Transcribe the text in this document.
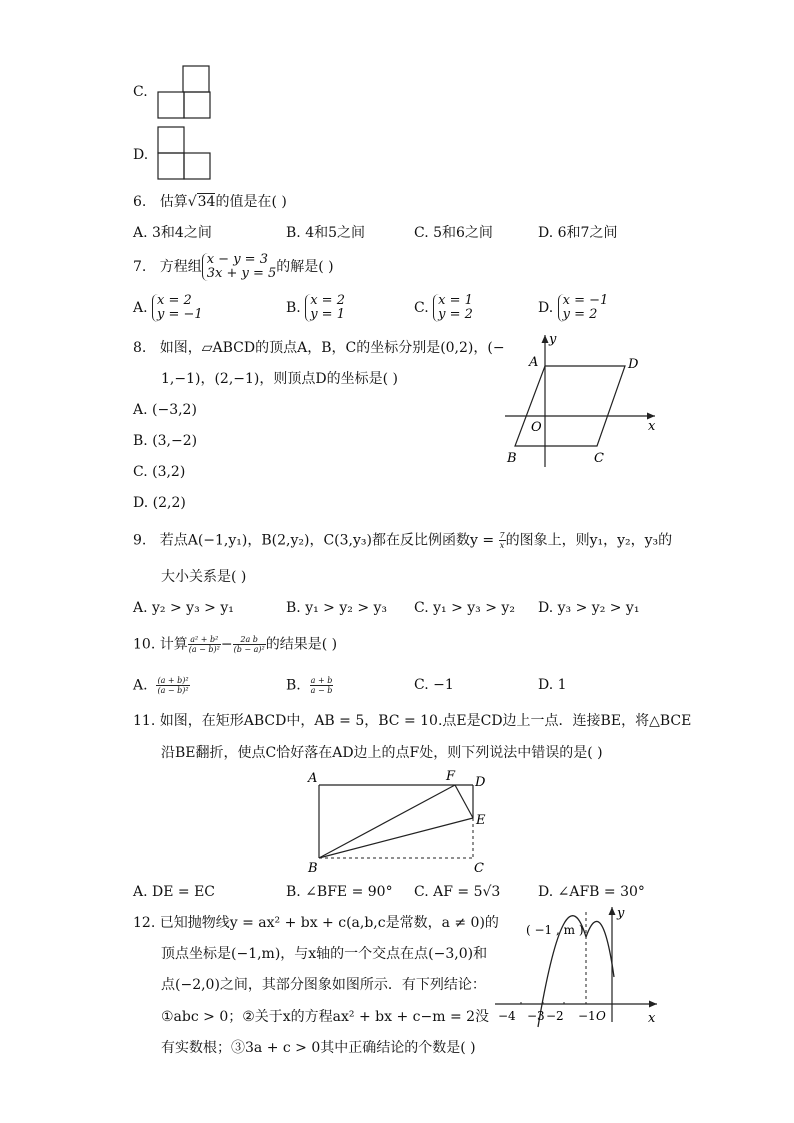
C.
D.
6. 估算√34的值是在( )
A. 3和4之间	B. 4和5之间	C. 5和6之间	D. 6和7之间
7. 方程组 x − y = 3
3x + y = 5 的解是( )
A. x = 2
y = −1	B. x = 2
y = 1	C. x = 1
y = 2	D. x = −1
y = 2
8. 如图，▱ABCD的顶点A，B，C的坐标分别是(0,2)，(−
1,−1)，(2,−1)，则顶点D的坐标是( )
A. (−3,2)
B. (3,−2)
C. (3,2)
D. (2,2)
A	D
B	C
O	x
y
9. 若点A(−1,y₁)，B(2,y₂)，C(3,y₃)都在反比例函数$y = \frac{7}{x}$ 的图象上，则y₁，y₂，y₃的
大小关系是( )
A. y₂ > y₃ > y₁	B. y₁ > y₂ > y₃ C. y₁ > y₃ > y₂ D. y₃ > y₂ > y₁
10. 计算 $\frac{\text{a² + b²}}{\text{(a − b)²}} - \frac{\text{2a b}}{\text{(b − a)²}}$ 的结果是( )
A. $\frac{\text{(a + b)²}}{\text{(a − b)²}}$	B. $\frac{a + b}{a - b}$	C. −1	D. 1
11. 如图，在矩形ABCD中，AB = 5，BC = 10.点E是CD边上一点．连接BE，将△BCE
沿BE翻折，使点C恰好落在AD边上的点F处，则下列说法中错误的是( )
A	F D
E
B	C
A. DE = EC	B. ∠BFE = 90° C. AF = 5√3	D. ∠AFB = 30°
12. 已知抛物线y = ax² + bx + c(a,b,c是常数，a ≠ 0)的
顶点坐标是(−1,m)，与x轴的一个交点在点(−3,0)和
点(−2,0)之间，其部分图象如图所示．有下列结论：
①abc > 0；②关于x的方程ax² + bx + c−m = 2没
有实数根；③3a + c > 0其中正确结论的个数是( )
( −1 , m )
y
x
−4 −3 −2 −1 O
